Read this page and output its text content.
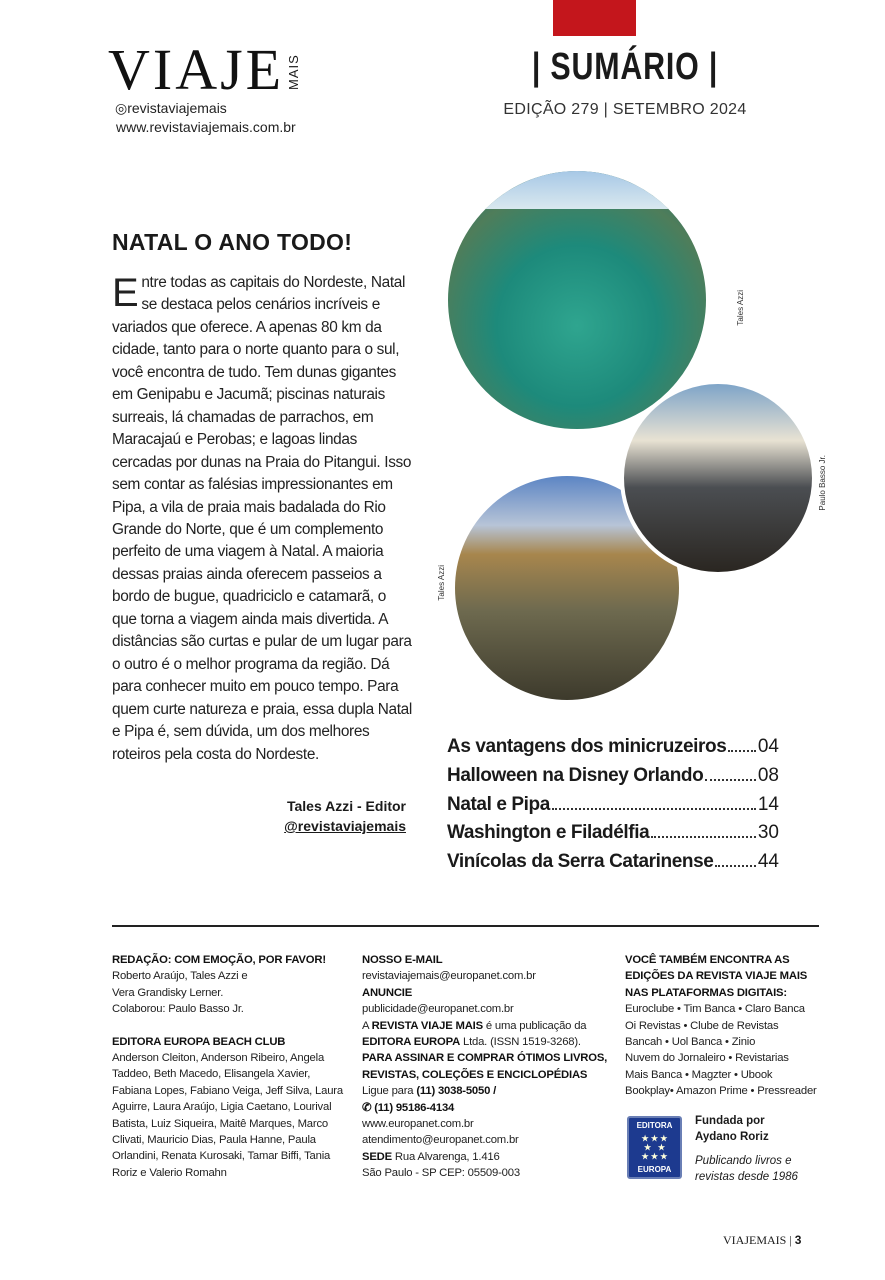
VIAJE MAIS
◎revistaviajemais
www.revistaviajemais.com.br
| SUMÁRIO |
EDIÇÃO 279 | SETEMBRO 2024
NATAL O ANO TODO!
Entre todas as capitais do Nordeste, Natal se destaca pelos cenários incríveis e variados que oferece. A apenas 80 km da cidade, tanto para o norte quanto para o sul, você encontra de tudo. Tem dunas gigantes em Genipabu e Jacumã; piscinas naturais surreais, lá chamadas de parrachos, em Maracajaú e Perobas; e lagoas lindas cercadas por dunas na Praia do Pitangui. Isso sem contar as falésias impressionantes em Pipa, a vila de praia mais badalada do Rio Grande do Norte, que é um complemento perfeito de uma viagem à Natal. A maioria dessas praias ainda oferecem passeios a bordo de bugue, quadriciclo e catamarã, o que torna a viagem ainda mais divertida. A distâncias são curtas e pular de um lugar para o outro é o melhor programa da região. Dá para conhecer muito em pouco tempo. Para quem curte natureza e praia, essa dupla Natal e Pipa é, sem dúvida, um dos melhores roteiros pela costa do Nordeste.
Tales Azzi - Editor
@revistaviajemais
Tales Azzi
Paulo Basso Jr.
Tales Azzi
As vantagens dos minicruzeiros 04
Halloween na Disney Orlando	08
Natal e Pipa	14
Washington e Filadélfia	30
Vinícolas da Serra Catarinense 44
REDAÇÃO: COM EMOÇÃO, POR FAVOR!
Roberto Araújo, Tales Azzi e
Vera Grandisky Lerner.
Colaborou: Paulo Basso Jr.
EDITORA EUROPA BEACH CLUB
Anderson Cleiton, Anderson Ribeiro, Angela Taddeo, Beth Macedo, Elisangela Xavier, Fabiana Lopes, Fabiano Veiga, Jeff Silva, Laura Aguirre, Laura Araújo, Ligia Caetano, Lourival Batista, Luiz Siqueira, Maitê Marques, Marco Clivati, Mauricio Dias, Paula Hanne, Paula Orlandini, Renata Kurosaki, Tamar Biffi, Tania Roriz e Valerio Romahn
NOSSO E-MAIL
revistaviajemais@europanet.com.br
ANUNCIE
publicidade@europanet.com.br
A REVISTA VIAJE MAIS é uma publicação da
EDITORA EUROPA Ltda. (ISSN 1519-3268).
PARA ASSINAR E COMPRAR ÓTIMOS LIVROS, REVISTAS, COLEÇÕES E ENCICLOPÉDIAS
Ligue para (11) 3038-5050 /
✆ (11) 95186-4134
www.europanet.com.br
atendimento@europanet.com.br
SEDE Rua Alvarenga, 1.416
São Paulo - SP CEP: 05509-003
VOCÊ TAMBÉM ENCONTRA AS EDIÇÕES DA REVISTA VIAJE MAIS NAS PLATAFORMAS DIGITAIS:
Euroclube • Tim Banca • Claro Banca
Oi Revistas • Clube de Revistas
Bancah • Uol Banca • Zinio
Nuvem do Jornaleiro • Revistarias
Mais Banca • Magzter • Ubook
Bookplay• Amazon Prime • Pressreader
EDITORA
★ ★ ★
★   ★
★ ★ ★
EUROPA
Fundada por
Aydano Roriz
Publicando livros e
revistas desde 1986
VIAJEMAIS | 3
